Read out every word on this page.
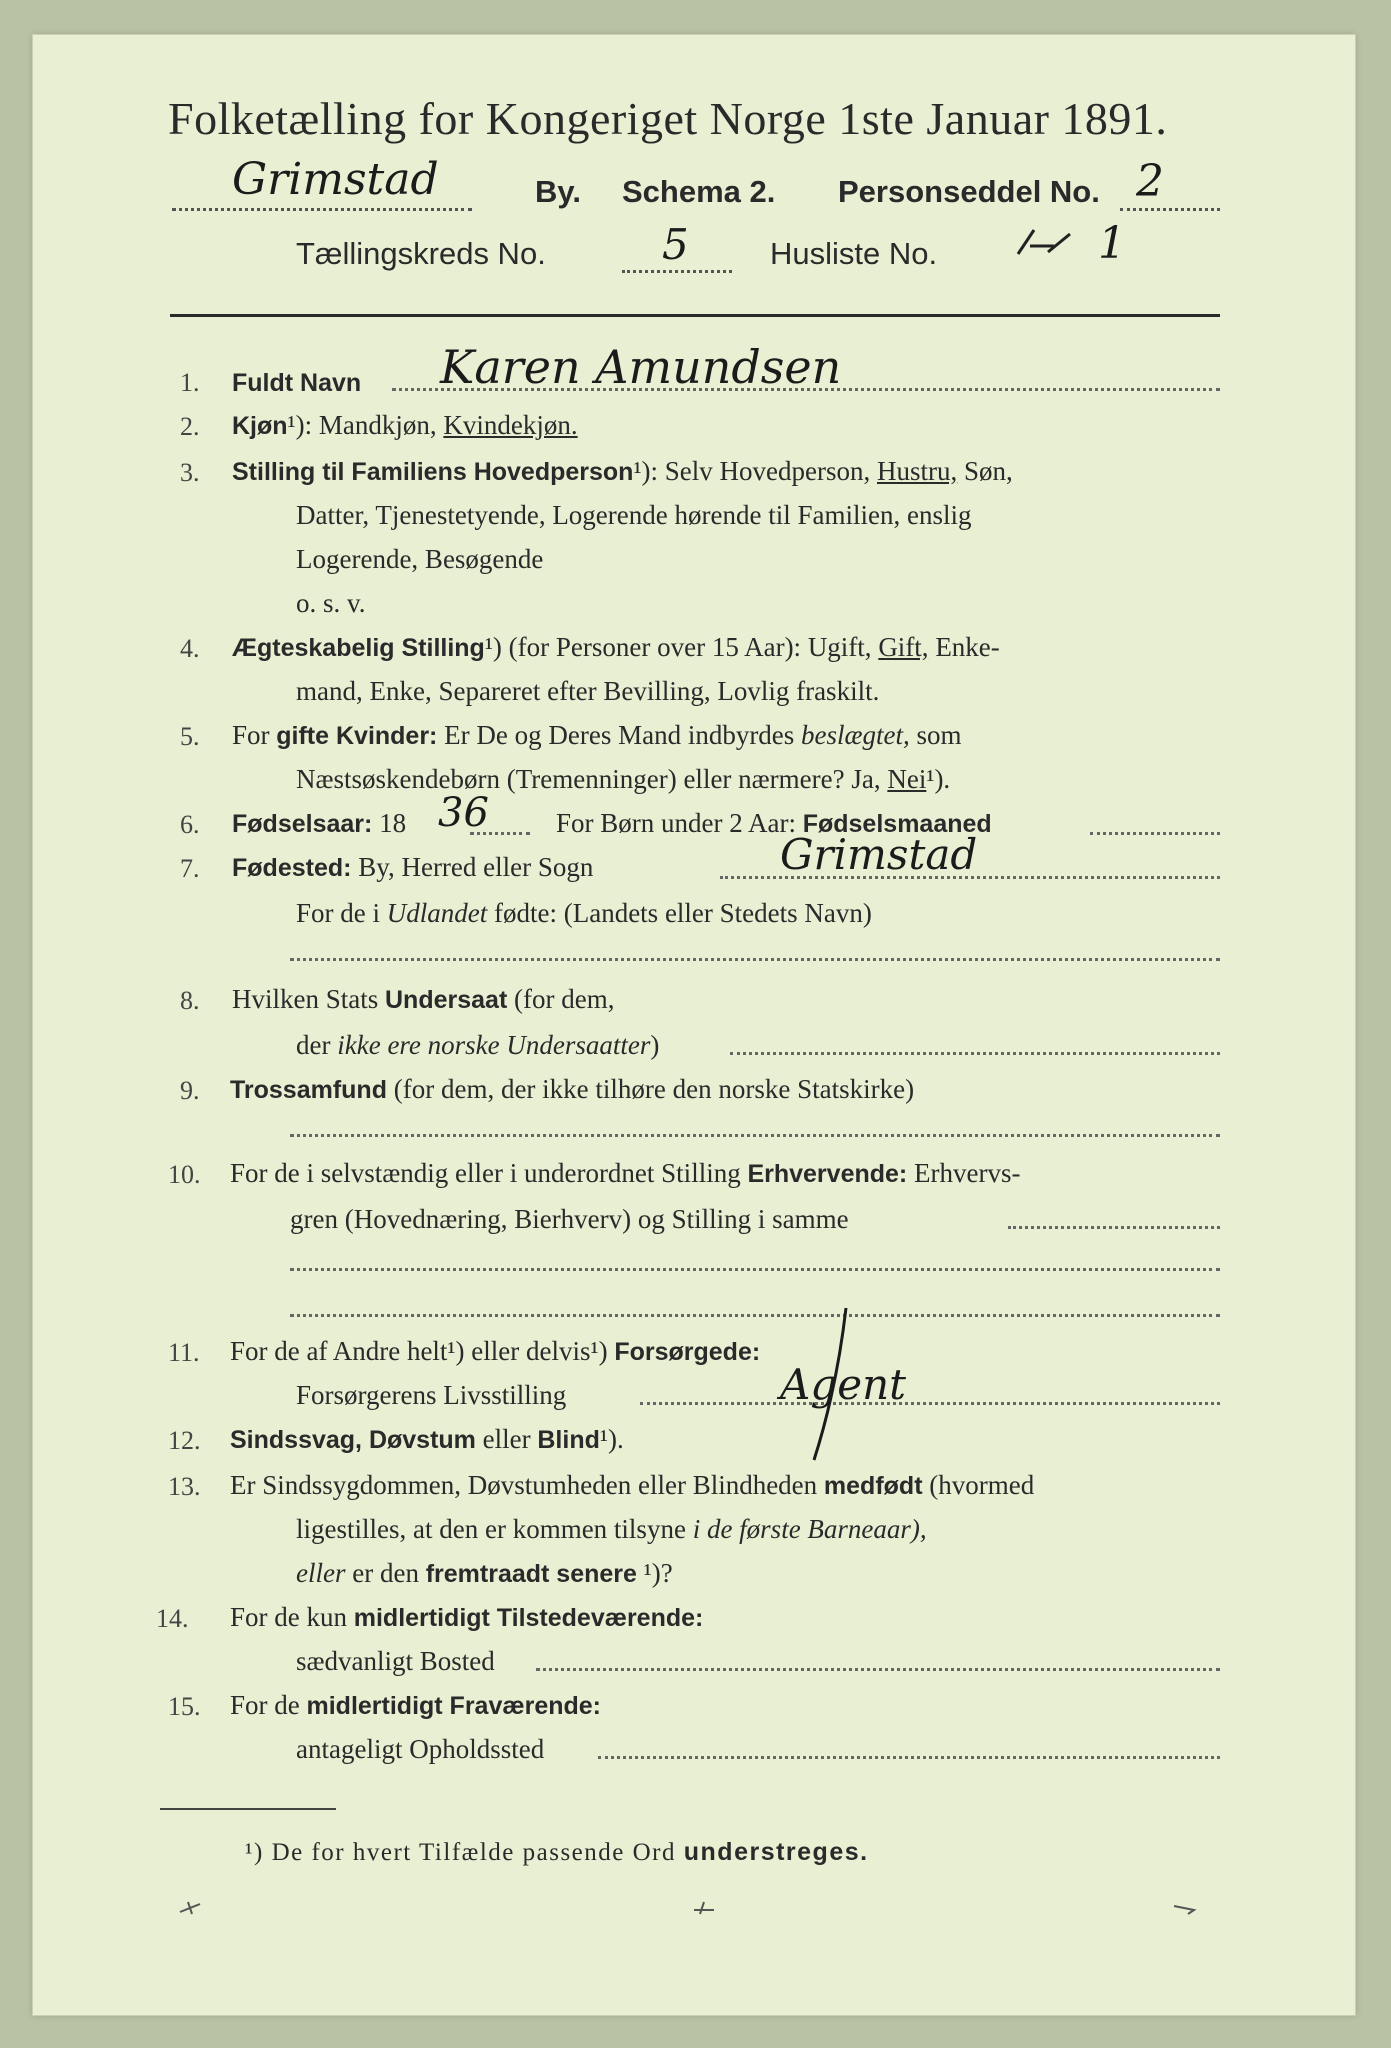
Folketælling for Kongeriget Norge 1ste Januar 1891.
Grimstad	By. Schema 2. Personseddel No. 2
Tællingskreds No.	5	Husliste No.	1
1. Fuldt Navn Karen Amundsen
2. Kjøn¹): Mandkjøn, Kvindekjøn.
3. Stilling til Familiens Hovedperson¹): Selv Hovedperson, Hustru, Søn,
Datter, Tjenestetyende, Logerende hørende til Familien, enslig
Logerende, Besøgende
o. s. v.
4. Ægteskabelig Stilling¹) (for Personer over 15 Aar): Ugift, Gift, Enke-
mand, Enke, Separeret efter Bevilling, Lovlig fraskilt.
5. For gifte Kvinder: Er De og Deres Mand indbyrdes beslægtet, som
Næstsøskendebørn (Tremenninger) eller nærmere? Ja, Nei¹).
6. Fødselsaar: 18 36 For Børn under 2 Aar: Fødselsmaaned
7. Fødested: By, Herred eller Sogn	Grimstad
For de i Udlandet fødte: (Landets eller Stedets Navn)
8. Hvilken Stats Undersaat (for dem,
der ikke ere norske Undersaatter)
9. Trossamfund (for dem, der ikke tilhøre den norske Statskirke)
10. For de i selvstændig eller i underordnet Stilling Erhvervende: Erhvervs-
gren (Hovednæring, Bierhverv) og Stilling i samme
11. For de af Andre helt¹) eller delvis¹) Forsørgede:
Forsørgerens Livsstilling	Agent
12. Sindssvag, Døvstum eller Blind¹).
13. Er Sindssygdommen, Døvstumheden eller Blindheden medfødt (hvormed
ligestilles, at den er kommen tilsyne i de første Barneaar),
eller er den fremtraadt senere ¹)?
14. For de kun midlertidigt Tilstedeværende:
sædvanligt Bosted
15. For de midlertidigt Fraværende:
antageligt Opholdssted
¹) De for hvert Tilfælde passende Ord understreges.
